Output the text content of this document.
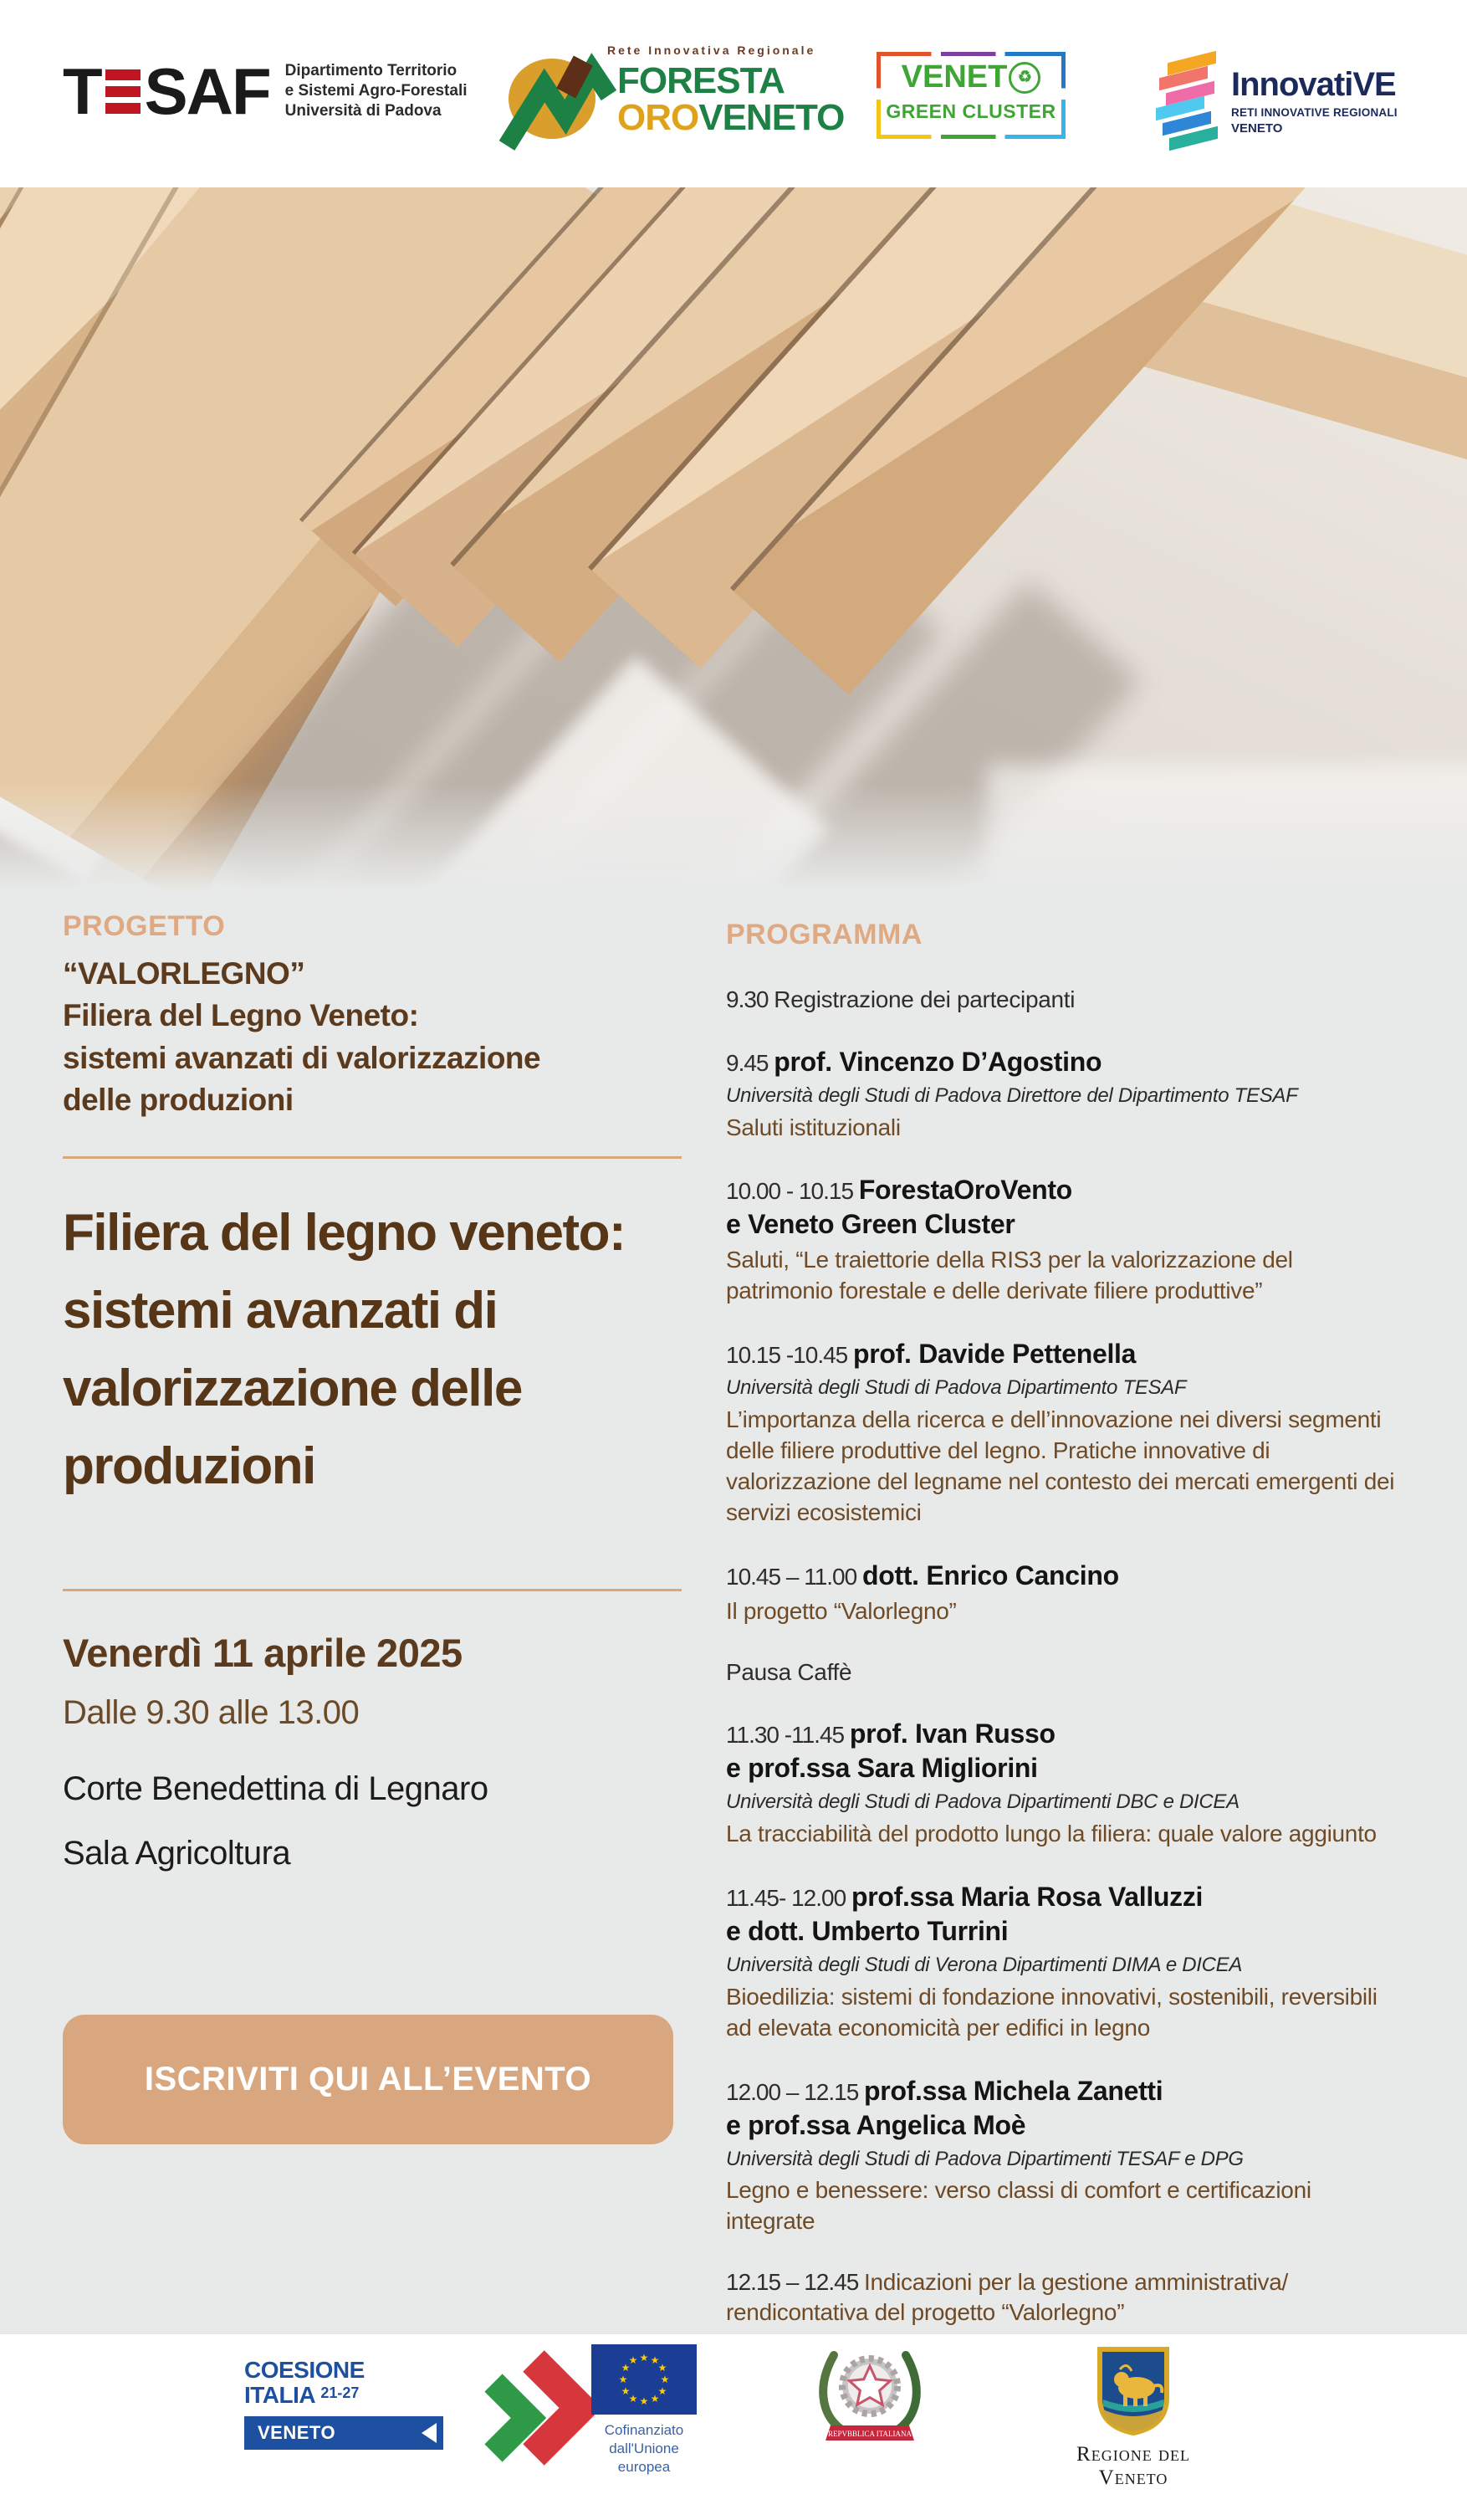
T SAF Dipartimento Territorio
e Sistemi Agro-Forestali
Università di Padova
Rete Innovativa Regionale
FORESTA
OROVENETO
VENET ♻
GREEN CLUSTER
InnovatiVE
RETI INNOVATIVE REGIONALI
VENETO
PROGETTO
“VALORLEGNO”
Filiera del Legno Veneto:
sistemi avanzati di valorizzazione
delle produzioni
Filiera del legno veneto: sistemi avanzati di valorizzazione delle produzioni
Venerdì 11 aprile 2025
Dalle 9.30 alle 13.00
Corte Benedettina di Legnaro
Sala Agricoltura
ISCRIVITI QUI ALL’EVENTO
PROGRAMMA
9.30 Registrazione dei partecipanti
9.45 prof. Vincenzo D’Agostino
Università degli Studi di Padova Direttore del Dipartimento TESAF
Saluti istituzionali
10.00 - 10.15 ForestaOroVento
e Veneto Green Cluster
Saluti, “Le traiettorie della RIS3 per la valorizzazione del patrimonio forestale e delle derivate filiere produttive”
10.15 -10.45 prof. Davide Pettenella
Università degli Studi di Padova Dipartimento TESAF
L’importanza della ricerca e dell’innovazione nei diversi segmenti delle filiere produttive del legno. Pratiche innovative di valorizzazione del legname nel contesto dei mercati emergenti dei servizi ecosistemici
10.45 – 11.00 dott. Enrico Cancino
Il progetto “Valorlegno”
Pausa Caffè
11.30 -11.45 prof. Ivan Russo
e prof.ssa Sara Migliorini
Università degli Studi di Padova Dipartimenti DBC e DICEA
La tracciabilità del prodotto lungo la filiera: quale valore aggiunto
11.45- 12.00 prof.ssa Maria Rosa Valluzzi
e dott. Umberto Turrini
Università degli Studi di Verona Dipartimenti DIMA e DICEA
Bioedilizia: sistemi di fondazione innovativi, sostenibili, reversibili ad elevata economicità per edifici in legno
12.00 – 12.15 prof.ssa Michela Zanetti
e prof.ssa Angelica Moè
Università degli Studi di Padova Dipartimenti TESAF e DPG
Legno e benessere: verso classi di comfort e certificazioni integrate
12.15 – 12.45 Indicazioni per la gestione amministrativa/ rendicontativa del progetto “Valorlegno”
COESIONE
ITALIA $^{21-27}$
VENETO
★ ★
★
★
★
★
★
★
★
★
★
★
Cofinanziato
dall'Unione europea
REPVBBLICA ITALIANA
Regione del Veneto
